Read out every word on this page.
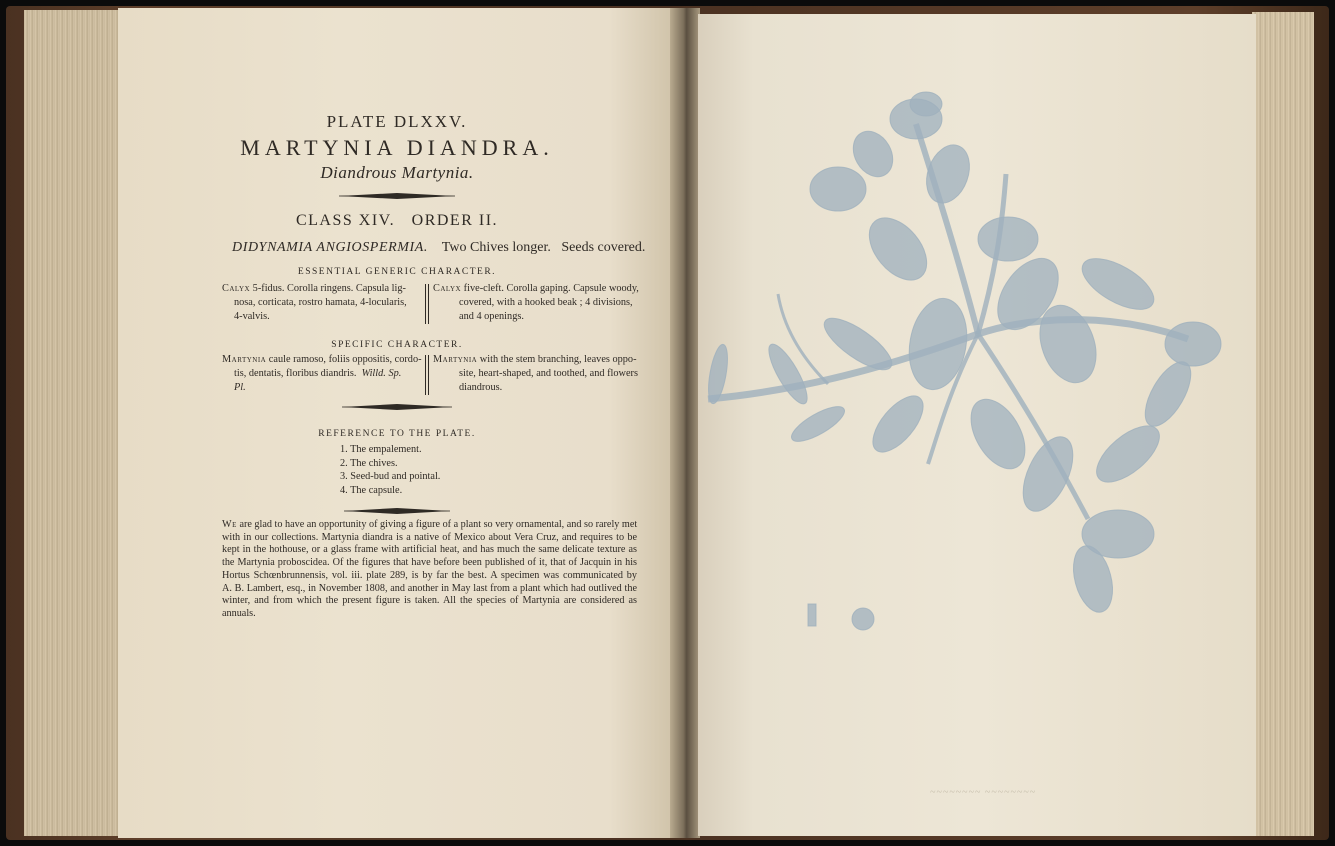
PLATE DLXXV.
MARTYNIA DIANDRA.
Diandrous Martynia.
CLASS XIV.   ORDER II.
DIDYNAMIA ANGIOSPERMIA. Two Chives longer.   Seeds covered.
ESSENTIAL GENERIC CHARACTER.
Calyx 5-fidus. Corolla ringens. Capsula lig-
nosa, corticata, rostro hamata, 4-locularis,
4-valvis.
Calyx five-cleft. Corolla gaping. Capsule woody,
covered, with a hooked beak ; 4 divisions,
and 4 openings.
SPECIFIC CHARACTER.
Martynia caule ramoso, foliis oppositis, cordo-
tis, dentatis, floribus diandris.  Willd. Sp.
Pl.
Martynia with the stem branching, leaves oppo-
site, heart-shaped, and toothed, and flowers
diandrous.
REFERENCE TO THE PLATE.
1. The empalement.
2. The chives.
3. Seed-bud and pointal.
4. The capsule.
We are glad to have an opportunity of giving a figure of a plant so very ornamental, and so rarely met
with in our collections. Martynia diandra is a native of Mexico about Vera Cruz, and requires to be
kept in the hothouse, or a glass frame with artificial heat, and has much the same delicate texture as
the Martynia proboscidea. Of the figures that have before been published of it, that of Jacquin in his
Hortus Schœnbrunnensis, vol. iii. plate 289, is by far the best. A specimen was communicated by
A. B. Lambert, esq., in November 1808, and another in May last from a plant which had outlived the
winter, and from which the present figure is taken. All the species of Martynia are considered as
annuals.
~~~~~~~~ ~~~~~~~~
